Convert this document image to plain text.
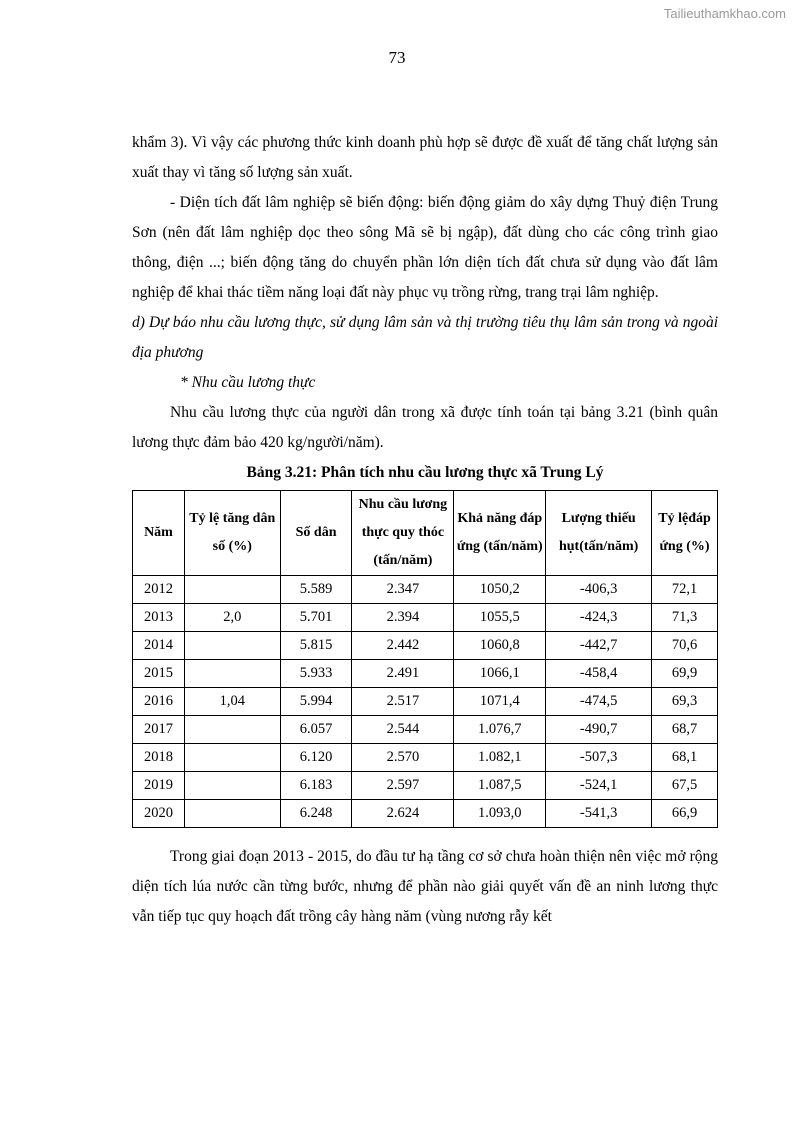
Tailieuthamkhao.com
73

khẩm 3). Vì vậy các phương thức kinh doanh phù hợp sẽ được đề xuất để tăng chất lượng sản xuất thay vì tăng số lượng sản xuất.

- Diện tích đất lâm nghiệp sẽ biến động: biến động giảm do xây dựng Thuỷ điện Trung Sơn (nên đất lâm nghiệp dọc theo sông Mã sẽ bị ngập), đất dùng cho các công trình giao thông, điện ...; biến động tăng do chuyển phần lớn diện tích đất chưa sử dụng vào đất lâm nghiệp để khai thác tiềm năng loại đất này phục vụ trồng rừng, trang trại lâm nghiệp.

d) Dự báo nhu cầu lương thực, sử dụng lâm sản và thị trường tiêu thụ lâm sản trong và ngoài địa phương

* Nhu cầu lương thực

Nhu cầu lương thực của người dân trong xã được tính toán tại bảng 3.21 (bình quân lương thực đảm bảo 420 kg/người/năm).

Bảng 3.21: Phân tích nhu cầu lương thực xã Trung Lý
Năm	Tỷ lệ tăng dân số (%)	Số dân	Nhu cầu lương thực quy thóc (tấn/năm)	Khả năng đáp ứng (tấn/năm)	Lượng thiếu hụt(tấn/năm)	Tỷ lệđáp ứng (%)
2012		5.589	2.347	1050,2	-406,3	72,1
2013	2,0	5.701	2.394	1055,5	-424,3	71,3
2014		5.815	2.442	1060,8	-442,7	70,6
2015		5.933	2.491	1066,1	-458,4	69,9
2016	1,04	5.994	2.517	1071,4	-474,5	69,3
2017		6.057	2.544	1.076,7	-490,7	68,7
2018		6.120	2.570	1.082,1	-507,3	68,1
2019		6.183	2.597	1.087,5	-524,1	67,5
2020		6.248	2.624	1.093,0	-541,3	66,9

Trong giai đoạn 2013 - 2015, do đầu tư hạ tầng cơ sở chưa hoàn thiện nên việc mở rộng diện tích lúa nước cần từng bước, nhưng để phần nào giải quyết vấn đề an ninh lương thực vẫn tiếp tục quy hoạch đất trồng cây hàng năm (vùng nương rẫy kết
